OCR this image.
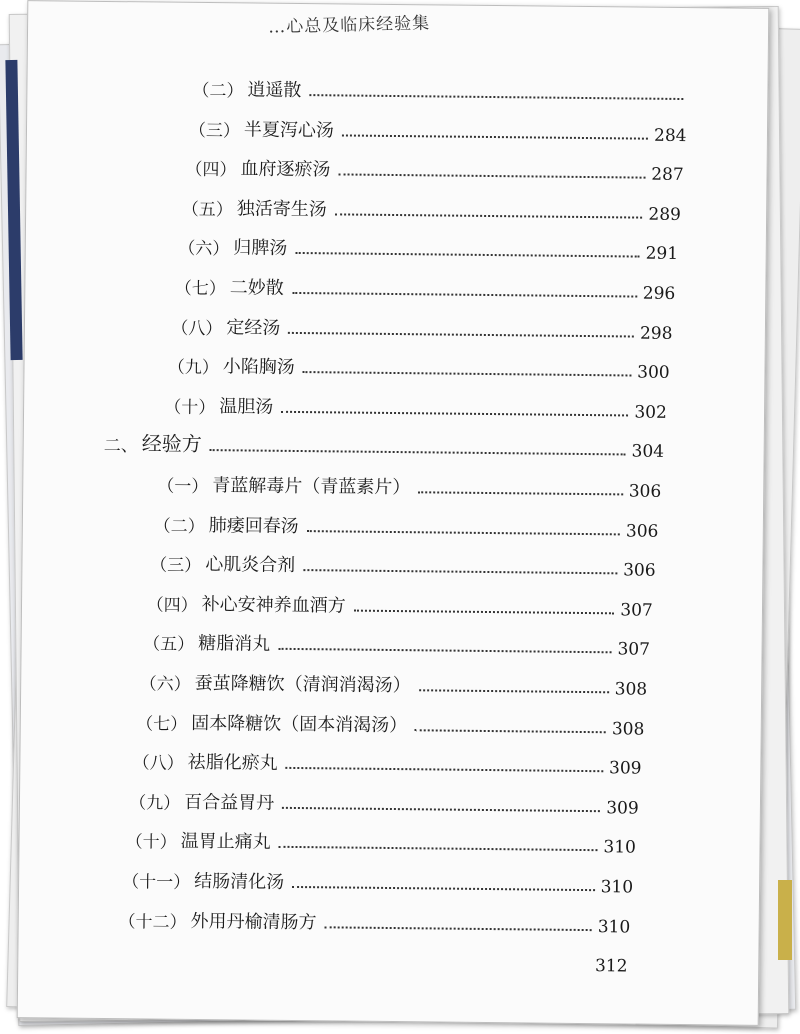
…心总及临床经验集
（二） 逍遥散
（三） 半夏泻心汤	284
（四） 血府逐瘀汤	287
（五） 独活寄生汤	289
（六） 归脾汤	291
（七） 二妙散	296
（八） 定经汤	298
（九） 小陷胸汤	300
（十） 温胆汤	302
二、 经验方	304
（一） 青蓝解毒片（青蓝素片）	306
（二） 肺痿回春汤	306
（三） 心肌炎合剂	306
（四） 补心安神养血酒方	307
（五） 糖脂消丸	307
（六） 蚕茧降糖饮（清润消渴汤）	308
（七） 固本降糖饮（固本消渴汤）	308
（八） 祛脂化瘀丸	309
（九） 百合益胃丹	309
（十） 温胃止痛丸	310
（十一） 结肠清化汤	310
（十二） 外用丹榆清肠方	310
312
